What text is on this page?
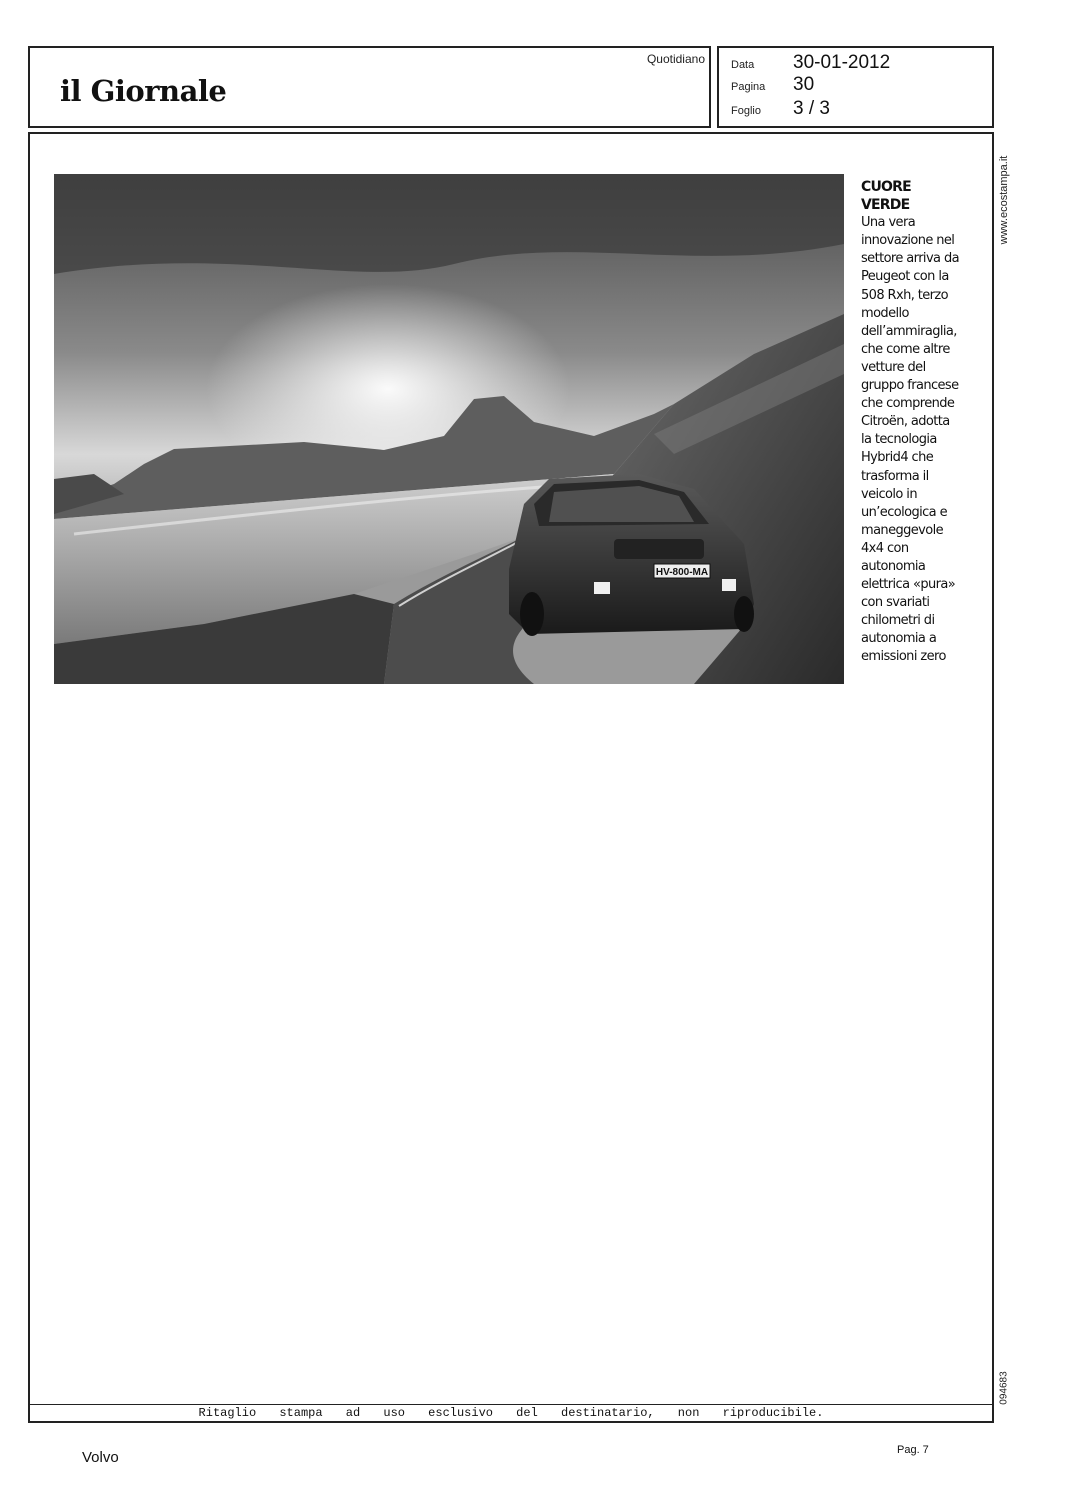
il Giornale
Quotidiano Data	30-01-2012
Pagina	30
Foglio	3 / 3
HV-800-MA
CUORE VERDE
Una vera innovazione nel settore arriva da Peugeot con la 508 Rxh, terzo modello dell’ammiraglia, che come altre vetture del gruppo francese che comprende Citroën, adotta la tecnologia Hybrid4 che trasforma il veicolo in un’ecologica e maneggevole 4x4 con autonomia elettrica «pura» con svariati chilometri di autonomia a emissioni zero
Ritaglio stampa ad uso esclusivo del destinatario, non riproducibile.
www.ecostampa.it
094683
Volvo	Pag. 7
